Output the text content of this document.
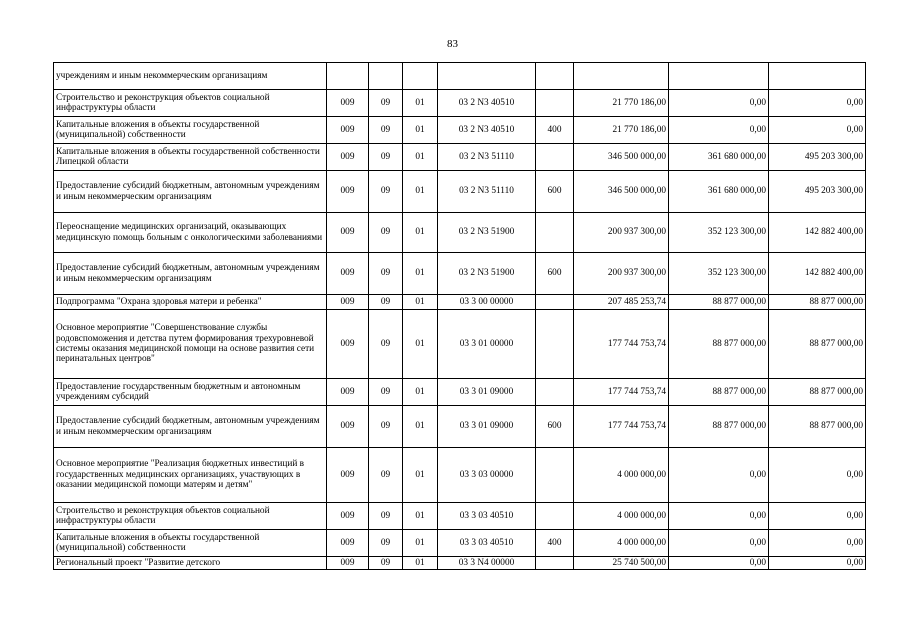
83
учреждениям и иным некоммерческим организациям								
Строительство и реконструкция объектов социальной инфраструктуры области	009	09	01	03 2 N3 40510		21 770 186,00	0,00	0,00
Капитальные вложения в объекты государственной (муниципальной) собственности	009	09	01	03 2 N3 40510	400	21 770 186,00	0,00	0,00
Капитальные вложения в объекты государственной собственности Липецкой области	009	09	01	03 2 N3 51110		346 500 000,00	361 680 000,00	495 203 300,00
Предоставление субсидий бюджетным, автономным учреждениям и иным некоммерческим организациям	009	09	01	03 2 N3 51110	600	346 500 000,00	361 680 000,00	495 203 300,00
Переоснащение медицинских организаций, оказывающих медицинскую помощь больным с онкологическими заболеваниями	009	09	01	03 2 N3 51900		200 937 300,00	352 123 300,00	142 882 400,00
Предоставление субсидий бюджетным, автономным учреждениям и иным некоммерческим организациям	009	09	01	03 2 N3 51900	600	200 937 300,00	352 123 300,00	142 882 400,00
Подпрограмма "Охрана здоровья матери и ребенка"	009	09	01	03 3 00 00000		207 485 253,74	88 877 000,00	88 877 000,00
Основное мероприятие "Совершенствование службы родовспоможения и детства путем формирования трехуровневой системы оказания медицинской помощи на основе развития сети перинатальных центров"	009	09	01	03 3 01 00000		177 744 753,74	88 877 000,00	88 877 000,00
Предоставление государственным бюджетным и автономным учреждениям субсидий	009	09	01	03 3 01 09000		177 744 753,74	88 877 000,00	88 877 000,00
Предоставление субсидий бюджетным, автономным учреждениям и иным некоммерческим организациям	009	09	01	03 3 01 09000	600	177 744 753,74	88 877 000,00	88 877 000,00
Основное мероприятие "Реализация бюджетных инвестиций в государственных медицинских организациях, участвующих в оказании медицинской помощи матерям и детям"	009	09	01	03 3 03 00000		4 000 000,00	0,00	0,00
Строительство и реконструкция объектов социальной инфраструктуры области	009	09	01	03 3 03 40510		4 000 000,00	0,00	0,00
Капитальные вложения в объекты государственной (муниципальной) собственности	009	09	01	03 3 03 40510	400	4 000 000,00	0,00	0,00
Региональный проект "Развитие детского	009	09	01	03 3 N4 00000		25 740 500,00	0,00	0,00
